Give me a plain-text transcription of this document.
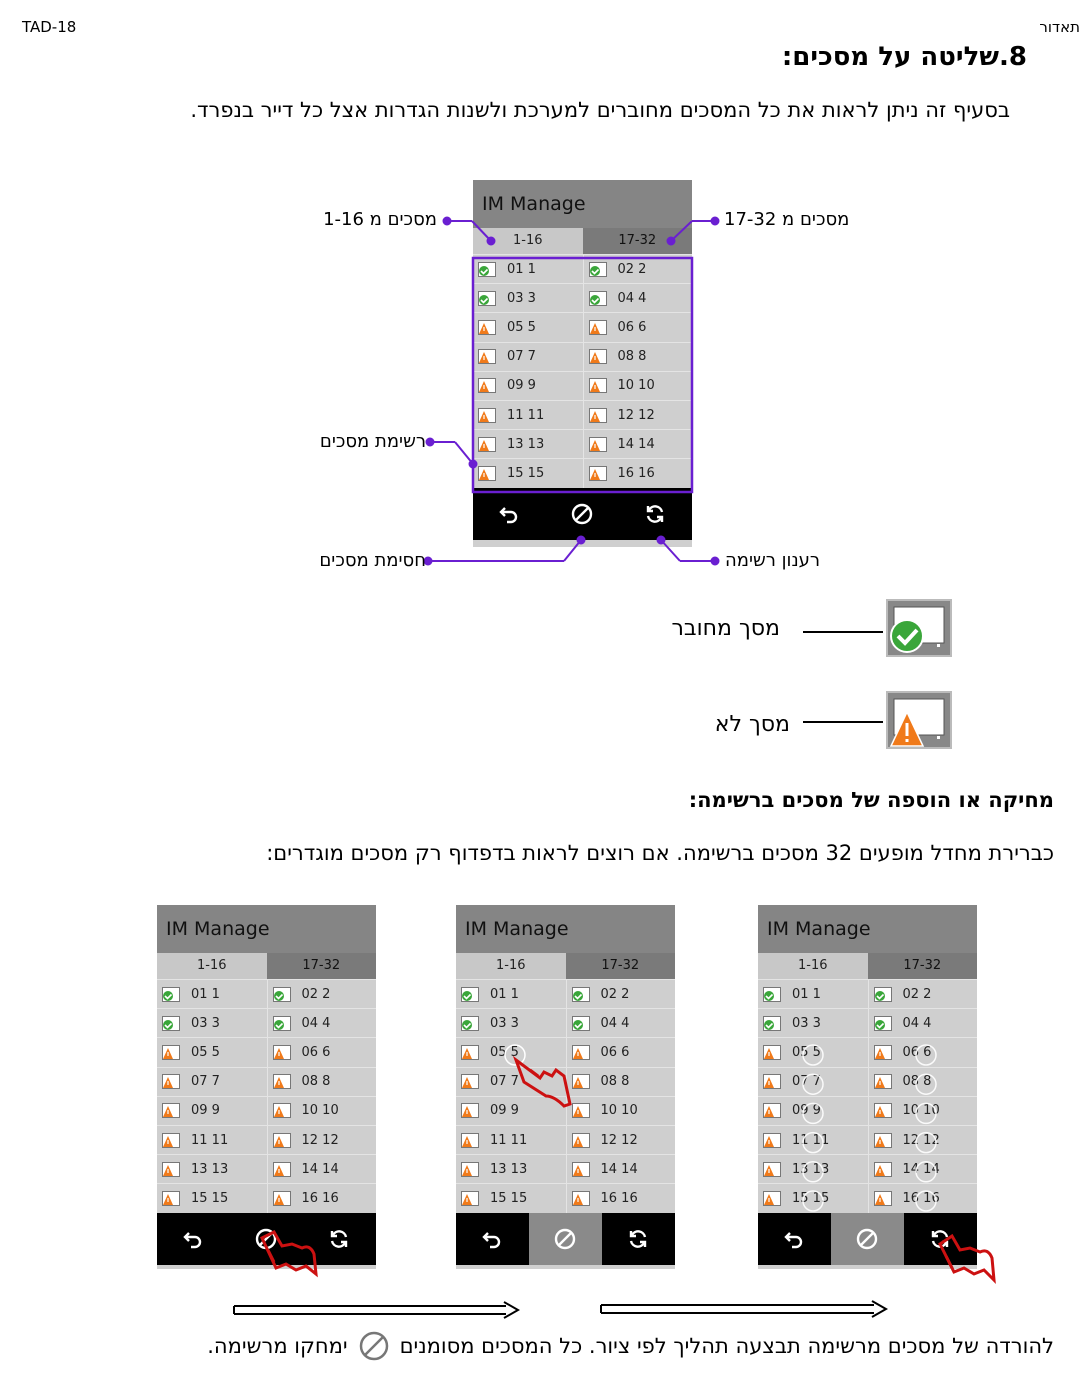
TAD-18	תאדור
8.שליטה על מסכים:
בסעיף זה ניתן לראות את כל המסכים מחוברים למערכת ולשנות הגדרות אצל כל דייר בנפרד.
IM Manage
1-16	17-32
01 1	02 2
03 3	04 4
05 5	06 6
07 7	08 8
09 9	10 10
11 11	12 12
13 13	14 14
15 15	16 16
מסכים מ 1-16	מסכים מ 17-32
רשימת מסכים
חסימת מסכים	רענון רשימה
מסך מחובר
מסך לא
מחיקה או הוספה של מסכים ברשימה:
כברירת מחדל מופעים 32 מסכים ברשימה. אם רוצים לראות בדפדוף רק מסכים מוגדרים:
IM Manage
1-16	17-32
01 1	02 2
03 3	04 4
05 5	06 6
07 7	08 8
09 9	10 10
11 11	12 12
13 13	14 14
15 15	16 16
IM Manage
1-16	17-32
01 1	02 2
03 3	04 4
05 5	06 6
07 7	08 8
09 9	10 10
11 11	12 12
13 13	14 14
15 15	16 16
IM Manage
1-16	17-32
01 1	02 2
03 3	04 4
05 5	06 6
07 7	08 8
09 9	10 10
11 11	12 12
13 13	14 14
15 15	16 16
להורדה של מסכים מרשימה תבצעה תהליך לפי ציור. כל המסכים מסומנים
ימחקו מרשימה.
